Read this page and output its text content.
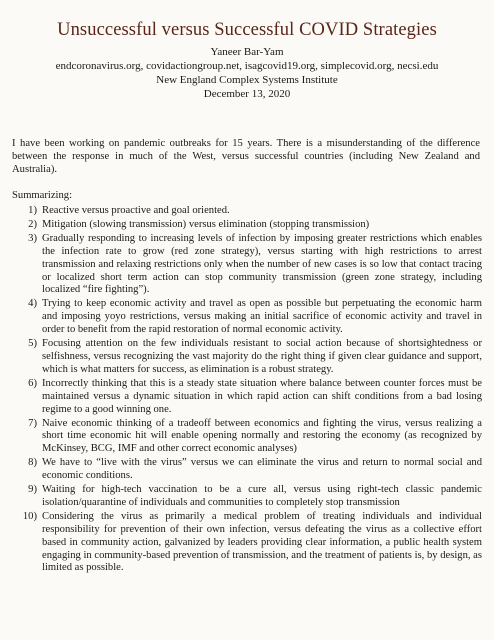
Unsuccessful versus Successful COVID Strategies
Yaneer Bar-Yam
endcoronavirus.org, covidactiongroup.net, isagcovid19.org, simplecovid.org, necsi.edu
New England Complex Systems Institute
December 13, 2020

I have been working on pandemic outbreaks for 15 years. There is a misunderstanding of the difference between the response in much of the West, versus successful countries (including New Zealand and Australia).

Summarizing:
1) Reactive versus proactive and goal oriented.
2) Mitigation (slowing transmission) versus elimination (stopping transmission)
3) Gradually responding to increasing levels of infection by imposing greater restrictions which enables the infection rate to grow (red zone strategy), versus starting with high restrictions to arrest transmission and relaxing restrictions only when the number of new cases is so low that contact tracing or localized short term action can stop community transmission (green zone strategy, including localized “fire fighting”).
4) Trying to keep economic activity and travel as open as possible but perpetuating the economic harm and imposing yoyo restrictions, versus making an initial sacrifice of economic activity and travel in order to benefit from the rapid restoration of normal economic activity.
5) Focusing attention on the few individuals resistant to social action because of shortsightedness or selfishness, versus recognizing the vast majority do the right thing if given clear guidance and support, which is what matters for success, as elimination is a robust strategy.
6) Incorrectly thinking that this is a steady state situation where balance between counter forces must be maintained versus a dynamic situation in which rapid action can shift conditions from a bad losing regime to a good winning one.
7) Naive economic thinking of a tradeoff between economics and fighting the virus, versus realizing a short time economic hit will enable opening normally and restoring the economy (as recognized by McKinsey, BCG, IMF and other correct economic analyses)
8) We have to “live with the virus” versus we can eliminate the virus and return to normal social and economic conditions.
9) Waiting for high-tech vaccination to be a cure all, versus using right-tech classic pandemic isolation/quarantine of individuals and communities to completely stop transmission
10) Considering the virus as primarily a medical problem of treating individuals and individual responsibility for prevention of their own infection, versus defeating the virus as a collective effort based in community action, galvanized by leaders providing clear information, a public health system engaging in community-based prevention of transmission, and the treatment of patients is, by design, as limited as possible.
